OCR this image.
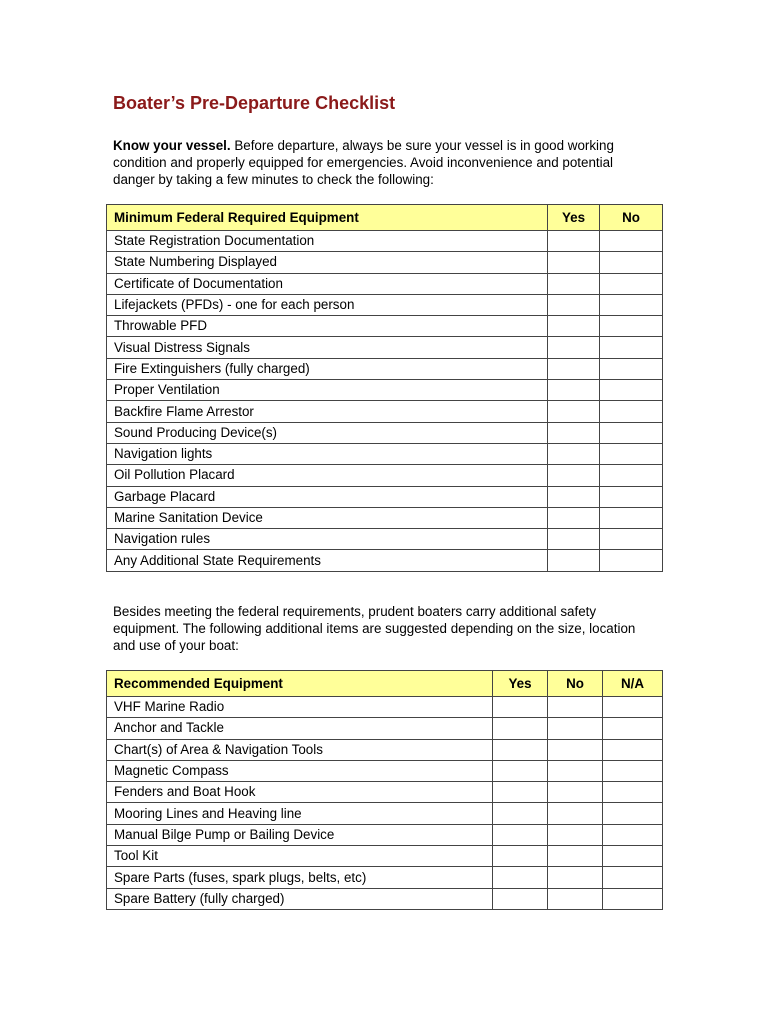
Boater’s Pre-Departure Checklist
Know your vessel. Before departure, always be sure your vessel is in good working condition and properly equipped for emergencies. Avoid inconvenience and potential danger by taking a few minutes to check the following:
Minimum Federal Required Equipment	Yes	No
State Registration Documentation		
State Numbering Displayed		
Certificate of Documentation		
Lifejackets (PFDs) - one for each person		
Throwable PFD		
Visual Distress Signals		
Fire Extinguishers (fully charged)		
Proper Ventilation		
Backfire Flame Arrestor		
Sound Producing Device(s)		
Navigation lights		
Oil Pollution Placard		
Garbage Placard		
Marine Sanitation Device		
Navigation rules		
Any Additional State Requirements		
Besides meeting the federal requirements, prudent boaters carry additional safety equipment. The following additional items are suggested depending on the size, location and use of your boat:
Recommended Equipment	Yes	No	N/A
VHF Marine Radio			
Anchor and Tackle			
Chart(s) of Area & Navigation Tools			
Magnetic Compass			
Fenders and Boat Hook			
Mooring Lines and Heaving line			
Manual Bilge Pump or Bailing Device			
Tool Kit			
Spare Parts (fuses, spark plugs, belts, etc)			
Spare Battery (fully charged)			
